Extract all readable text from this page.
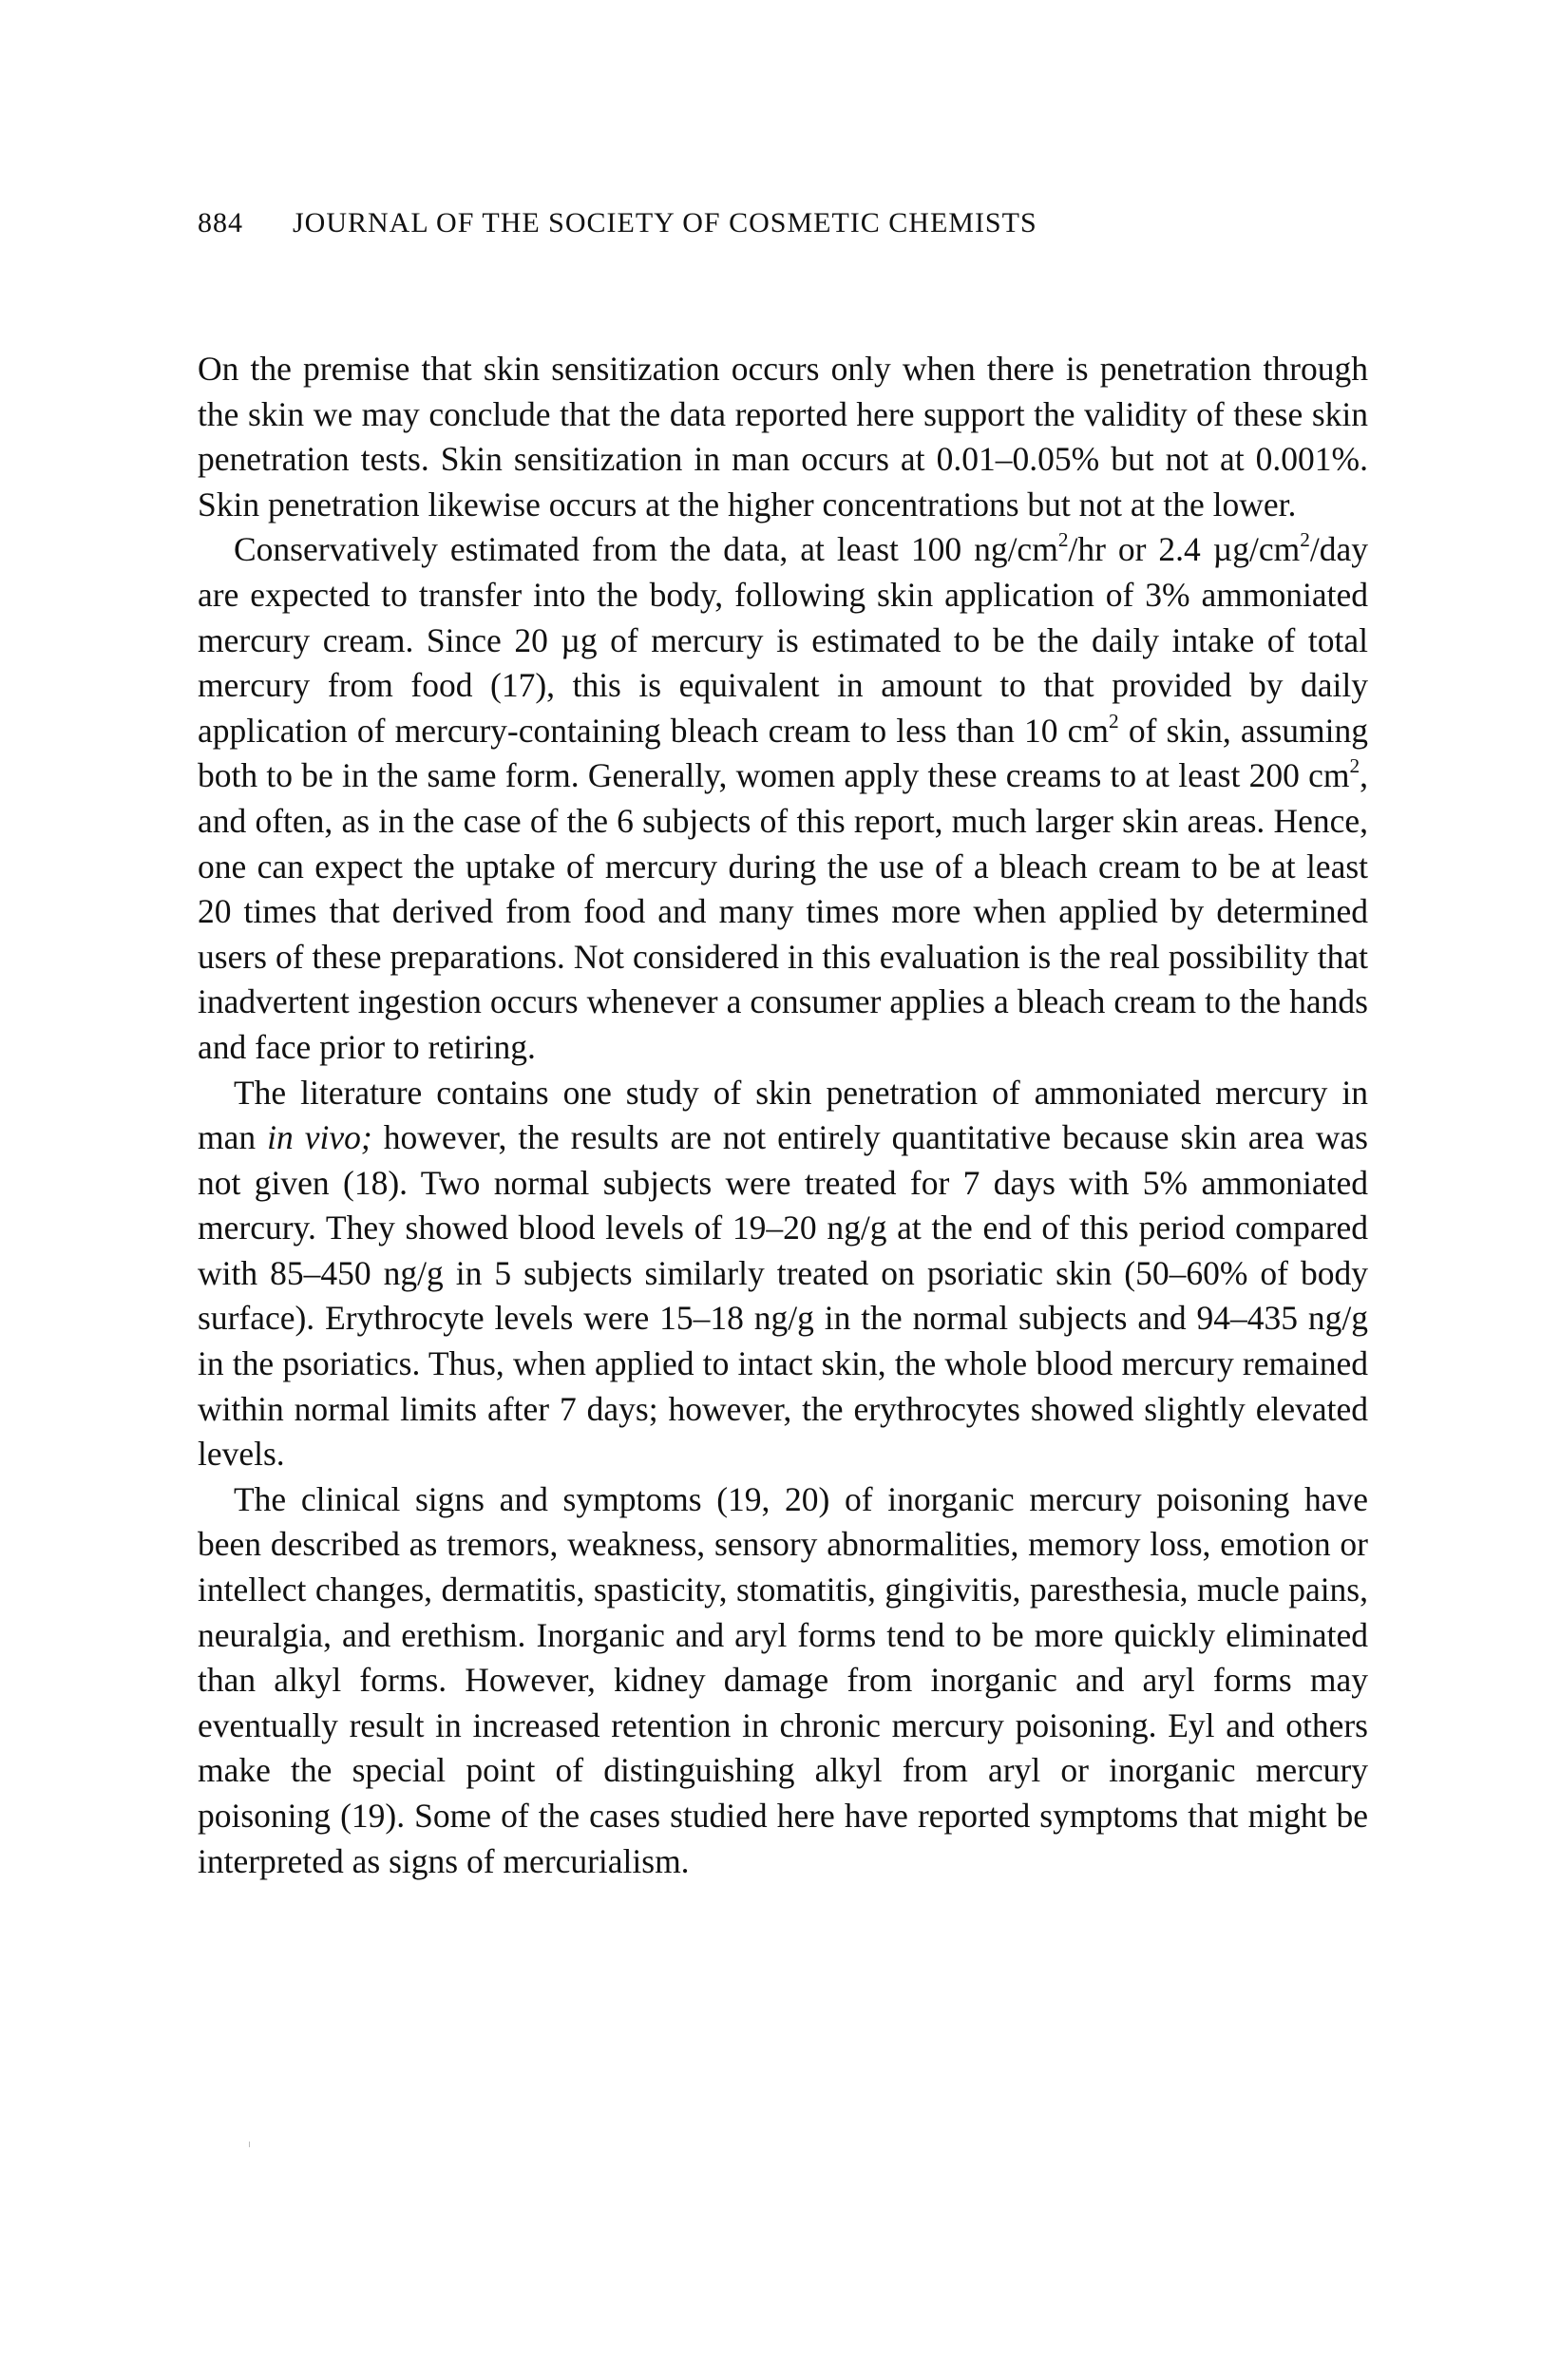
884 JOURNAL OF THE SOCIETY OF COSMETIC CHEMISTS

On the premise that skin sensitization occurs only when there is penetration through the skin we may conclude that the data reported here support the validity of these skin penetration tests. Skin sensitization in man occurs at 0.01–0.05% but not at 0.001%. Skin penetration likewise occurs at the higher concentrations but not at the lower.

Conservatively estimated from the data, at least 100 $ng/cm^2/hr$ or 2.4 $\mu g/cm^2$/day are expected to transfer into the body, following skin application of 3% ammoniated mercury cream. Since 20 µg of mercury is estimated to be the daily intake of total mercury from food (17), this is equivalent in amount to that provided by daily application of mercury-containing bleach cream to less than 10 $cm^2$ of skin, assuming both to be in the same form. Generally, women apply these creams to at least 200 $cm^2$, and often, as in the case of the 6 subjects of this report, much larger skin areas. Hence, one can expect the uptake of mercury during the use of a bleach cream to be at least 20 times that derived from food and many times more when applied by determined users of these preparations. Not considered in this evaluation is the real possibility that inadvertent ingestion occurs whenever a consumer applies a bleach cream to the hands and face prior to retiring.

The literature contains one study of skin penetration of ammoniated mercury in man in vivo; however, the results are not entirely quantitative because skin area was not given (18). Two normal subjects were treated for 7 days with 5% ammoniated mercury. They showed blood levels of 19–20 ng/g at the end of this period compared with 85–450 ng/g in 5 subjects similarly treated on psoriatic skin (50–60% of body surface). Erythrocyte levels were 15–18 ng/g in the normal subjects and 94–435 ng/g in the psoriatics. Thus, when applied to intact skin, the whole blood mercury remained within normal limits after 7 days; however, the erythrocytes showed slightly elevated levels.

The clinical signs and symptoms (19, 20) of inorganic mercury poisoning have been described as tremors, weakness, sensory abnormalities, memory loss, emotion or intellect changes, dermatitis, spasticity, stomatitis, gingivitis, paresthesia, mucle pains, neuralgia, and erethism. Inorganic and aryl forms tend to be more quickly eliminated than alkyl forms. However, kidney damage from inorganic and aryl forms may eventually result in increased retention in chronic mercury poisoning. Eyl and others make the special point of distinguishing alkyl from aryl or inorganic mercury poisoning (19). Some of the cases studied here have reported symptoms that might be interpreted as signs of mercurialism.
